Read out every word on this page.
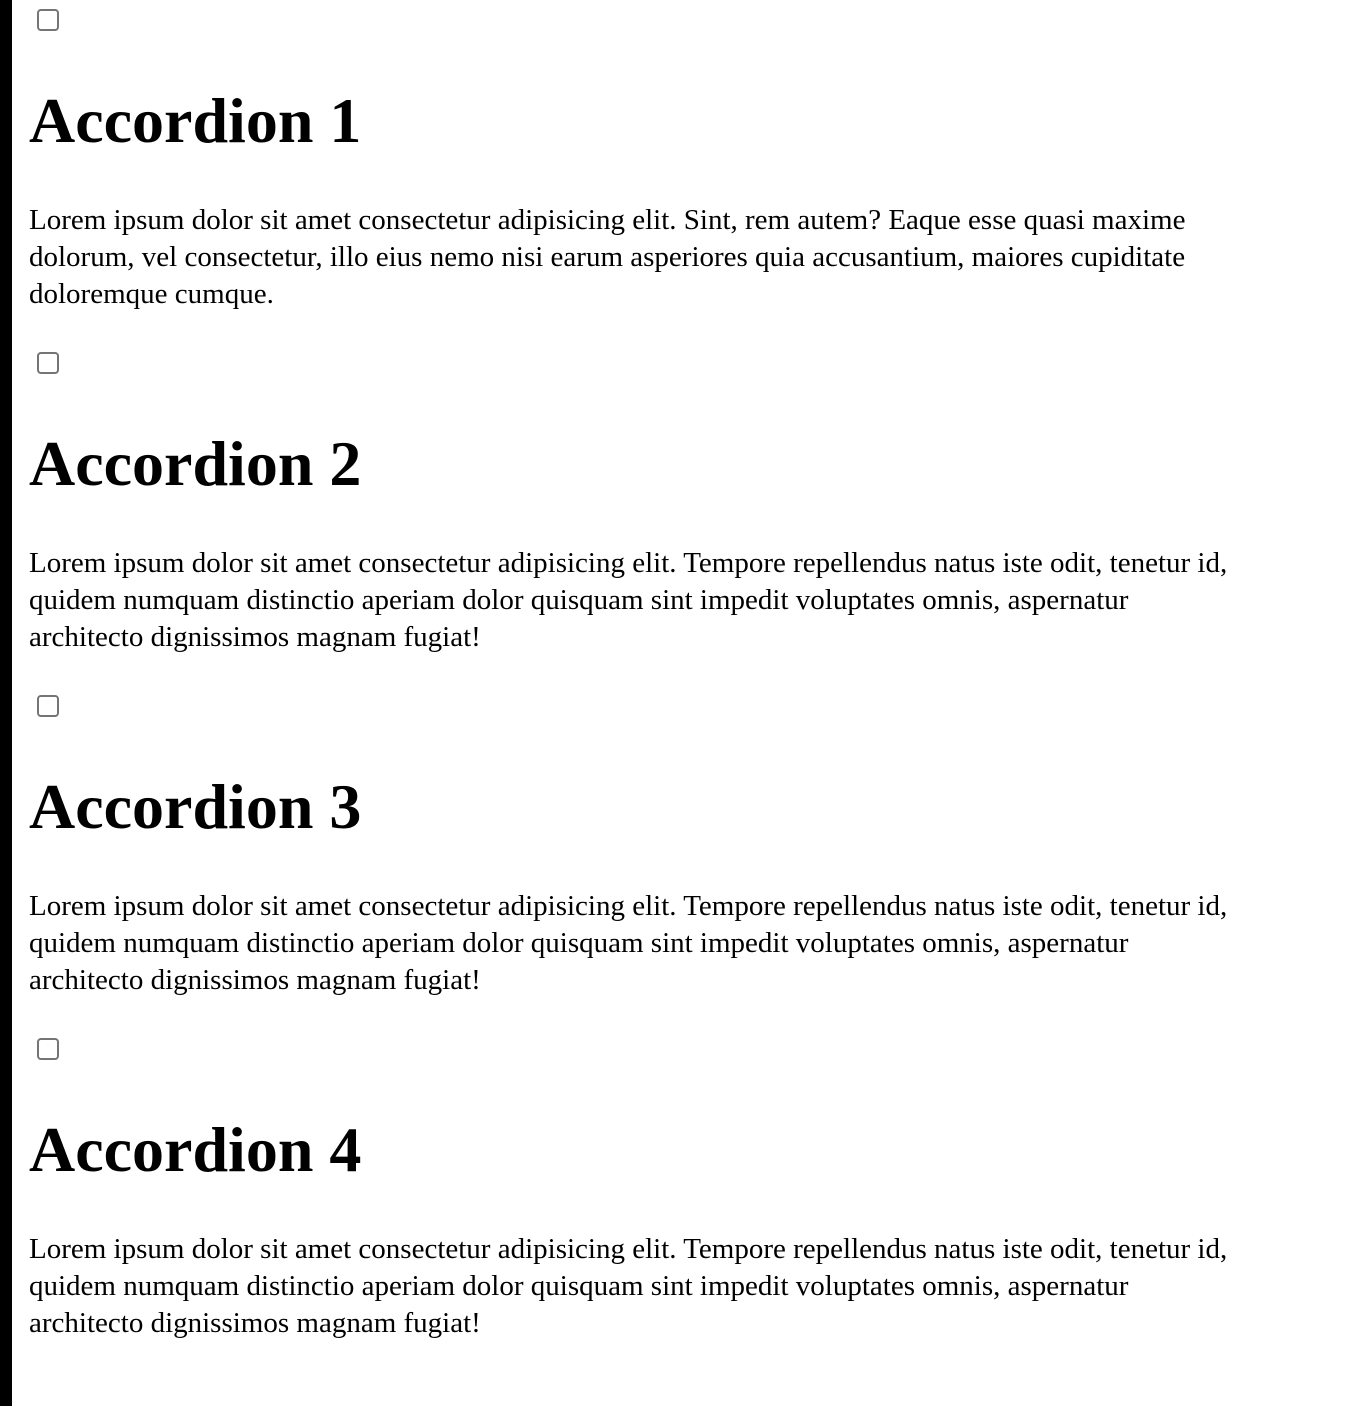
Accordion 1

Lorem ipsum dolor sit amet consectetur adipisicing elit. Sint, rem autem? Eaque esse quasi maxime
dolorum, vel consectetur, illo eius nemo nisi earum asperiores quia accusantium, maiores cupiditate
doloremque cumque.

Accordion 2

Lorem ipsum dolor sit amet consectetur adipisicing elit. Tempore repellendus natus iste odit, tenetur id,
quidem numquam distinctio aperiam dolor quisquam sint impedit voluptates omnis, aspernatur
architecto dignissimos magnam fugiat!

Accordion 3

Lorem ipsum dolor sit amet consectetur adipisicing elit. Tempore repellendus natus iste odit, tenetur id,
quidem numquam distinctio aperiam dolor quisquam sint impedit voluptates omnis, aspernatur
architecto dignissimos magnam fugiat!

Accordion 4

Lorem ipsum dolor sit amet consectetur adipisicing elit. Tempore repellendus natus iste odit, tenetur id,
quidem numquam distinctio aperiam dolor quisquam sint impedit voluptates omnis, aspernatur
architecto dignissimos magnam fugiat!
